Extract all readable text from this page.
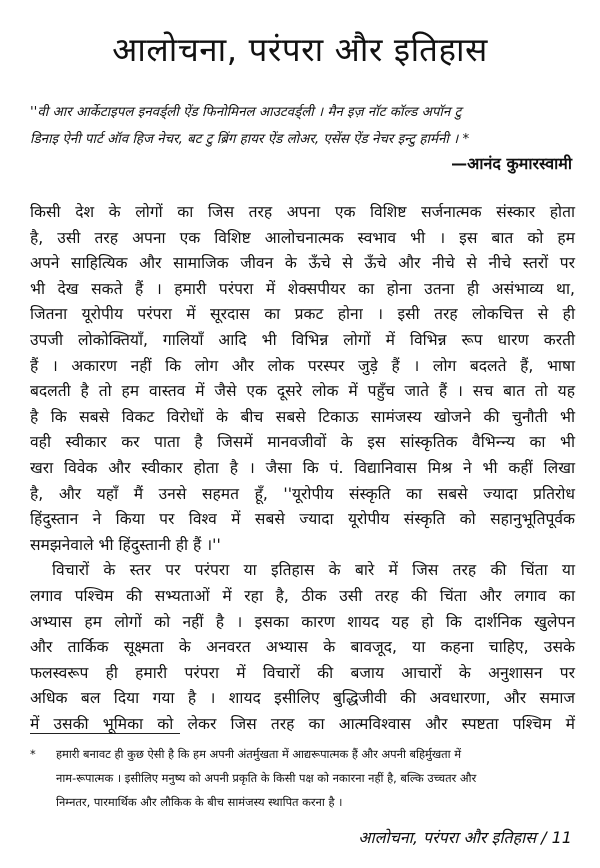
आलोचना, परंपरा और इतिहास
''वी आर आर्केटाइपल इनवर्ड्ली ऐंड फिनोमिनल आउटवर्ड्ली । मैन इज़ नॉट कॉल्ड अपॉन टु
डिनाइ ऐनी पार्ट ऑव हिज नेचर, बट टु ब्रिंग हायर ऐंड लोअर, एसेंस ऐंड नेचर इन्टु हार्मनी । *

—आनंद कुमारस्वामी

किसी देश के लोगों का जिस तरह अपना एक विशिष्ट सर्जनात्मक संस्कार होता
है, उसी तरह अपना एक विशिष्ट आलोचनात्मक स्वभाव भी । इस बात को हम
अपने साहित्यिक और सामाजिक जीवन के ऊँचे से ऊँचे और नीचे से नीचे स्तरों पर
भी देख सकते हैं । हमारी परंपरा में शेक्सपीयर का होना उतना ही असंभाव्य था,
जितना यूरोपीय परंपरा में सूरदास का प्रकट होना । इसी तरह लोकचित्त से ही
उपजी लोकोक्तियाँ, गालियाँ आदि भी विभिन्न लोगों में विभिन्न रूप धारण करती
हैं । अकारण नहीं कि लोग और लोक परस्पर जुड़े हैं । लोग बदलते हैं, भाषा
बदलती है तो हम वास्तव में जैसे एक दूसरे लोक में पहुँच जाते हैं । सच बात तो यह
है कि सबसे विकट विरोधों के बीच सबसे टिकाऊ सामंजस्य खोजने की चुनौती भी
वही स्वीकार कर पाता है जिसमें मानवजीवों के इस सांस्कृतिक वैभिन्न्य का भी
खरा विवेक और स्वीकार होता है । जैसा कि पं. विद्यानिवास मिश्र ने भी कहीं लिखा
है, और यहाँ मैं उनसे सहमत हूँ, ''यूरोपीय संस्कृति का सबसे ज्यादा प्रतिरोध
हिंदुस्तान ने किया पर विश्व में सबसे ज्यादा यूरोपीय संस्कृति को सहानुभूतिपूर्वक
समझनेवाले भी हिंदुस्तानी ही हैं ।''
विचारों के स्तर पर परंपरा या इतिहास के बारे में जिस तरह की चिंता या
लगाव पश्चिम की सभ्यताओं में रहा है, ठीक उसी तरह की चिंता और लगाव का
अभ्यास हम लोगों को नहीं है । इसका कारण शायद यह हो कि दार्शनिक खुलेपन
और तार्किक सूक्ष्मता के अनवरत अभ्यास के बावजूद, या कहना चाहिए, उसके
फलस्वरूप ही हमारी परंपरा में विचारों की बजाय आचारों के अनुशासन पर
अधिक बल दिया गया है । शायद इसीलिए बुद्धिजीवी की अवधारणा, और समाज
में उसकी भूमिका को लेकर जिस तरह का आत्मविश्वास और स्पष्टता पश्चिम में
* हमारी बनावट ही कुछ ऐसी है कि हम अपनी अंतर्मुखता में आद्यरूपात्मक हैं और अपनी बहिर्मुखता में
नाम-रूपात्मक । इसीलिए मनुष्य को अपनी प्रकृति के किसी पक्ष को नकारना नहीं है, बल्कि उच्चतर और
निम्नतर, पारमार्थिक और लौकिक के बीच सामंजस्य स्थापित करना है ।

आलोचना, परंपरा और इतिहास / 11
